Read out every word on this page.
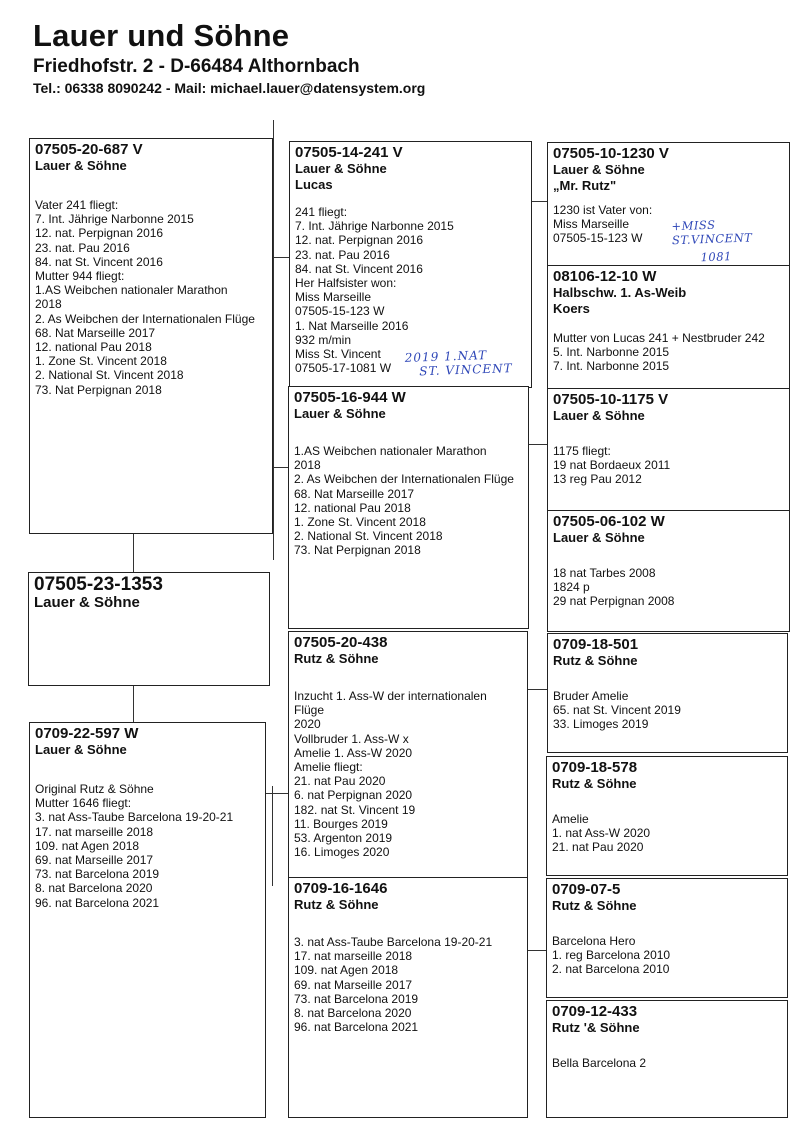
Lauer und Söhne
Friedhofstr. 2 - D-66484 Althornbach
Tel.: 06338 8090242 - Mail: michael.lauer@datensystem.org
07505-23-1353
Lauer & Söhne
07505-20-687 V
Lauer & Söhne
Vater 241 fliegt:
7. Int. Jährige Narbonne 2015
12. nat. Perpignan 2016
23. nat. Pau 2016
84. nat St. Vincent 2016
Mutter 944 fliegt:
1.AS Weibchen nationaler Marathon
2018
2. As Weibchen der Internationalen Flüge
68. Nat Marseille 2017
12. national Pau 2018
1. Zone St. Vincent 2018
2. National St. Vincent 2018
73. Nat Perpignan 2018
0709-22-597 W
Lauer & Söhne
Original Rutz & Söhne
Mutter 1646 fliegt:
3. nat Ass-Taube Barcelona 19-20-21
17. nat marseille 2018
109. nat Agen 2018
69. nat Marseille 2017
73. nat Barcelona 2019
8. nat Barcelona 2020
96. nat Barcelona 2021
07505-14-241 V
Lauer & Söhne
Lucas
241 fliegt:
7. Int. Jährige Narbonne 2015
12. nat. Perpignan 2016
23. nat. Pau 2016
84. nat St. Vincent 2016
Her Halfsister won:
Miss Marseille
07505-15-123 W
1. Nat Marseille 2016
932 m/min
Miss St. Vincent
07505-17-1081 W
07505-16-944 W
Lauer & Söhne
1.AS Weibchen nationaler Marathon
2018
2. As Weibchen der Internationalen Flüge
68. Nat Marseille 2017
12. national Pau 2018
1. Zone St. Vincent 2018
2. National St. Vincent 2018
73. Nat Perpignan 2018
07505-20-438
Rutz & Söhne
Inzucht 1. Ass-W der internationalen
Flüge
2020
Vollbruder 1. Ass-W x
Amelie 1. Ass-W 2020
Amelie fliegt:
21. nat Pau 2020
6. nat Perpignan 2020
182. nat St. Vincent 19
11. Bourges 2019
53. Argenton 2019
16. Limoges 2020
0709-16-1646
Rutz & Söhne
3. nat Ass-Taube Barcelona 19-20-21
17. nat marseille 2018
109. nat Agen 2018
69. nat Marseille 2017
73. nat Barcelona 2019
8. nat Barcelona 2020
96. nat Barcelona 2021
07505-10-1230 V
Lauer & Söhne
„Mr. Rutz"
1230 ist Vater von:
Miss Marseille
07505-15-123 W
08106-12-10 W
Halbschw. 1. As-Weib
Koers
Mutter von Lucas 241 + Nestbruder 242
5. Int. Narbonne 2015
7. Int. Narbonne 2015
07505-10-1175 V
Lauer & Söhne
1175 fliegt:
19 nat Bordaeux 2011
13 reg Pau 2012
07505-06-102 W
Lauer & Söhne
18 nat Tarbes 2008
1824 p
29 nat Perpignan 2008
0709-18-501
Rutz & Söhne
Bruder Amelie
65. nat St. Vincent 2019
33. Limoges 2019
0709-18-578
Rutz & Söhne
Amelie
1. nat Ass-W 2020
21. nat Pau 2020
0709-07-5
Rutz & Söhne
Barcelona Hero
1. reg Barcelona 2010
2. nat Barcelona 2010
0709-12-433
Rutz '& Söhne
Bella Barcelona 2
2019 1.NAT
ST. VINCENT
+MISS ST.VINCENT
1081
